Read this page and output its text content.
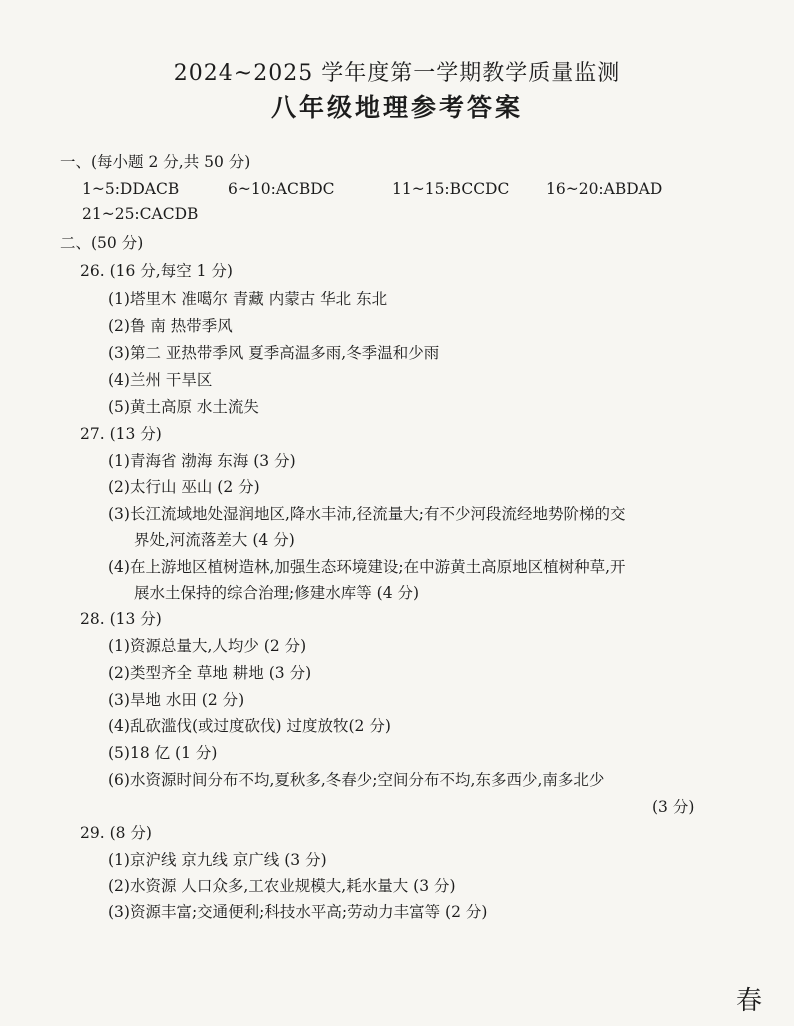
2024~2025 学年度第一学期教学质量监测
八年级地理参考答案
一、(每小题 2 分,共 50 分)
1~5:DDACB	6~10:ACBDC	11~15:BCCDC 16~20:ABDAD
21~25:CACDB
二、(50 分)
26. (16 分,每空 1 分)
(1)塔里木 准噶尔 青藏 内蒙古 华北 东北
(2)鲁 南 热带季风
(3)第二 亚热带季风 夏季高温多雨,冬季温和少雨
(4)兰州 干旱区
(5)黄土高原 水土流失
27. (13 分)
(1)青海省 渤海 东海 (3 分)
(2)太行山 巫山 (2 分)
(3)长江流域地处湿润地区,降水丰沛,径流量大;有不少河段流经地势阶梯的交
界处,河流落差大 (4 分)
(4)在上游地区植树造林,加强生态环境建设;在中游黄土高原地区植树种草,开
展水土保持的综合治理;修建水库等 (4 分)
28. (13 分)
(1)资源总量大,人均少 (2 分)
(2)类型齐全 草地 耕地 (3 分)
(3)旱地 水田 (2 分)
(4)乱砍滥伐(或过度砍伐) 过度放牧(2 分)
(5)18 亿 (1 分)
(6)水资源时间分布不均,夏秋多,冬春少;空间分布不均,东多西少,南多北少
(3 分)
29. (8 分)
(1)京沪线 京九线 京广线 (3 分)
(2)水资源 人口众多,工农业规模大,耗水量大 (3 分)
(3)资源丰富;交通便利;科技水平高;劳动力丰富等 (2 分)
春
